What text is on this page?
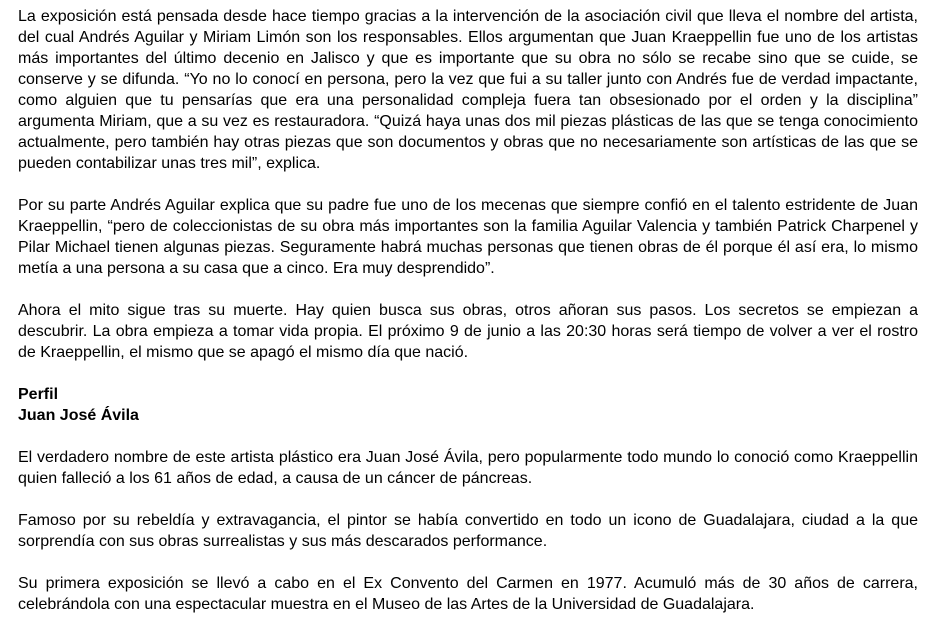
La exposición está pensada desde hace tiempo gracias a la intervención de la asociación civil que lleva el nombre del artista, del cual Andrés Aguilar y Miriam Limón son los responsables. Ellos argumentan que Juan Kraeppellin fue uno de los artistas más importantes del último decenio en Jalisco y que es importante que su obra no sólo se recabe sino que se cuide, se conserve y se difunda. “Yo no lo conocí en persona, pero la vez que fui a su taller junto con Andrés fue de verdad impactante, como alguien que tu pensarías que era una personalidad compleja fuera tan obsesionado por el orden y la disciplina” argumenta Miriam, que a su vez es restauradora. “Quizá haya unas dos mil piezas plásticas de las que se tenga conocimiento actualmente, pero también hay otras piezas que son documentos y obras que no necesariamente son artísticas de las que se pueden contabilizar unas tres mil”, explica.

Por su parte Andrés Aguilar explica que su padre fue uno de los mecenas que siempre confió en el talento estridente de Juan Kraeppellin, “pero de coleccionistas de su obra más importantes son la familia Aguilar Valencia y también Patrick Charpenel y Pilar Michael tienen algunas piezas. Seguramente habrá muchas personas que tienen obras de él porque él así era, lo mismo metía a una persona a su casa que a cinco. Era muy desprendido”.

Ahora el mito sigue tras su muerte. Hay quien busca sus obras, otros añoran sus pasos. Los secretos se empiezan a descubrir. La obra empieza a tomar vida propia. El próximo 9 de junio a las 20:30 horas será tiempo de volver a ver el rostro de Kraeppellin, el mismo que se apagó el mismo día que nació.

Perfil
Juan José Ávila

El verdadero nombre de este artista plástico era Juan José Ávila, pero popularmente todo mundo lo conoció como Kraeppellin quien falleció a los 61 años de edad, a causa de un cáncer de páncreas.

Famoso por su rebeldía y extravagancia, el pintor se había convertido en todo un icono de Guadalajara, ciudad a la que sorprendía con sus obras surrealistas y sus más descarados performance.

Su primera exposición se llevó a cabo en el Ex Convento del Carmen en 1977. Acumuló más de 30 años de carrera, celebrándola con una espectacular muestra en el Museo de las Artes de la Universidad de Guadalajara.
